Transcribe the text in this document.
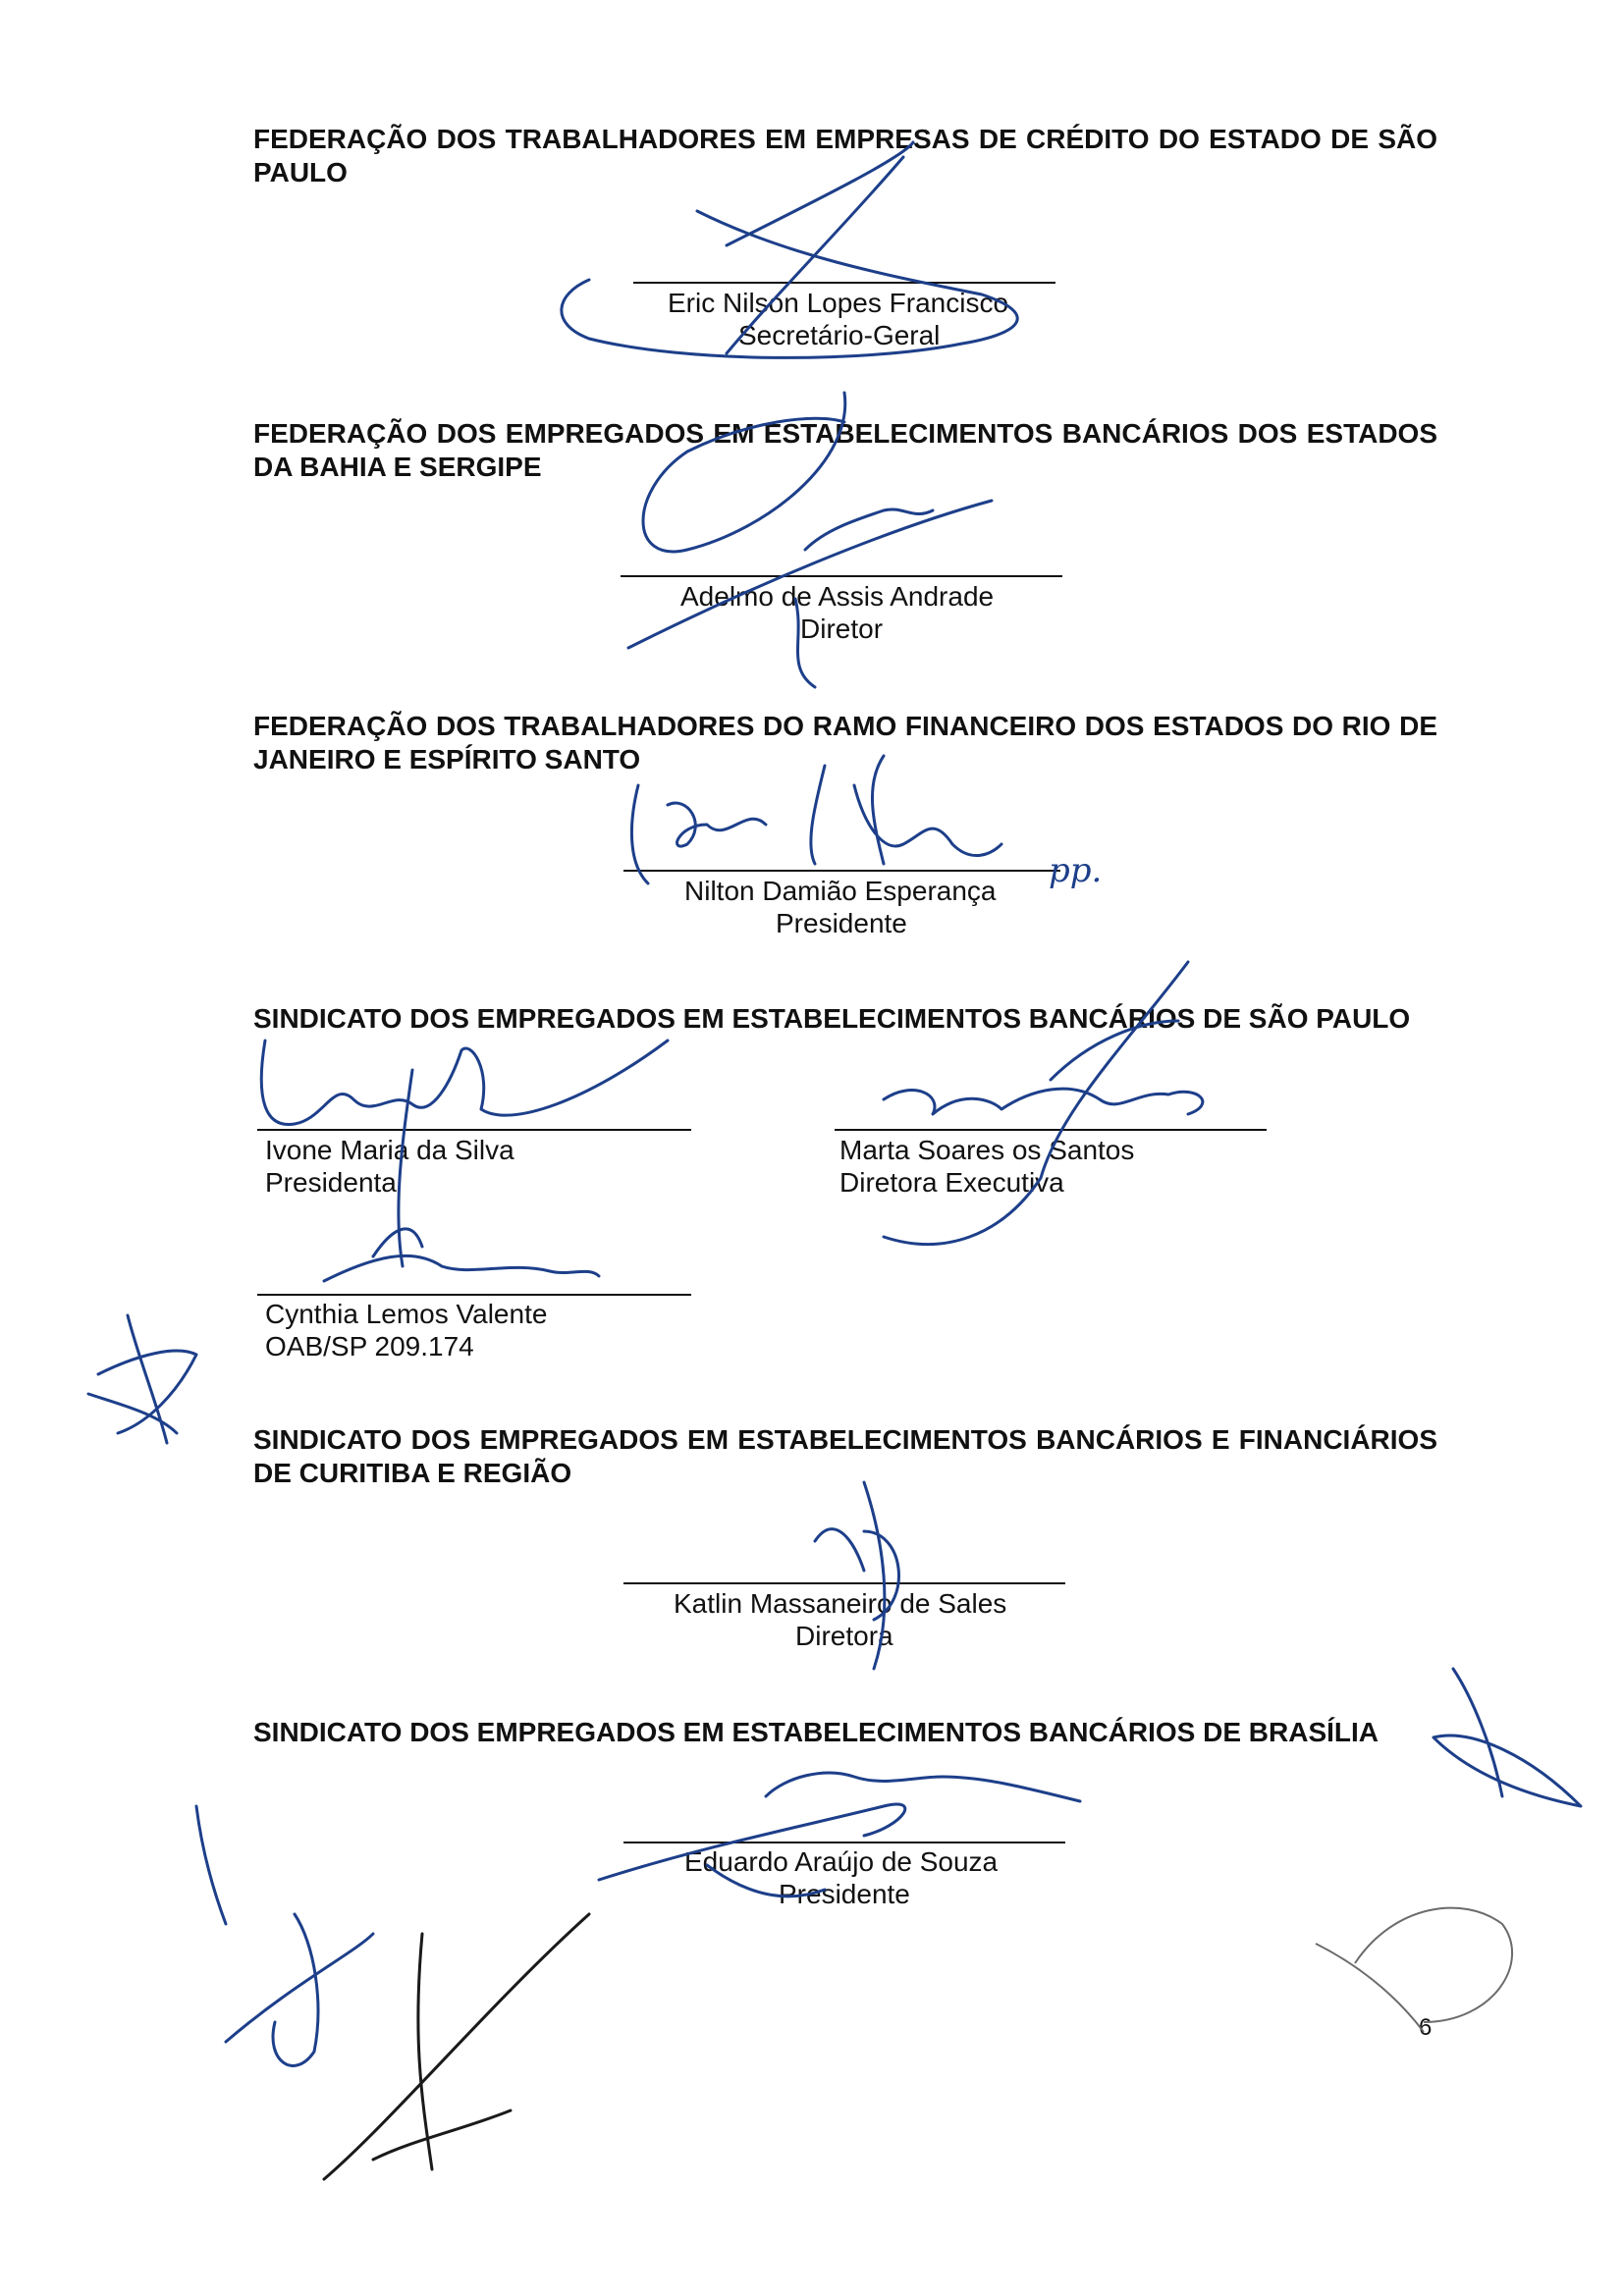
FEDERAÇÃO DOS TRABALHADORES EM EMPRESAS DE CRÉDITO DO ESTADO DE SÃO PAULO
Eric Nilson Lopes Francisco
Secretário-Geral
FEDERAÇÃO DOS EMPREGADOS EM ESTABELECIMENTOS BANCÁRIOS DOS ESTADOS DA BAHIA E SERGIPE
Adelmo de Assis Andrade
Diretor
FEDERAÇÃO DOS TRABALHADORES DO RAMO FINANCEIRO DOS ESTADOS DO RIO DE JANEIRO E ESPÍRITO SANTO
Nilton Damião Esperança
Presidente
pp.
SINDICATO DOS EMPREGADOS EM ESTABELECIMENTOS BANCÁRIOS DE SÃO PAULO
Ivone Maria da Silva
Presidenta
Marta Soares os Santos
Diretora Executiva
Cynthia Lemos Valente
OAB/SP 209.174
SINDICATO DOS EMPREGADOS EM ESTABELECIMENTOS BANCÁRIOS E FINANCIÁRIOS DE CURITIBA E REGIÃO
Katlin Massaneiro de Sales
Diretora
SINDICATO DOS EMPREGADOS EM ESTABELECIMENTOS BANCÁRIOS DE BRASÍLIA
Eduardo Araújo de Souza
Presidente
6
